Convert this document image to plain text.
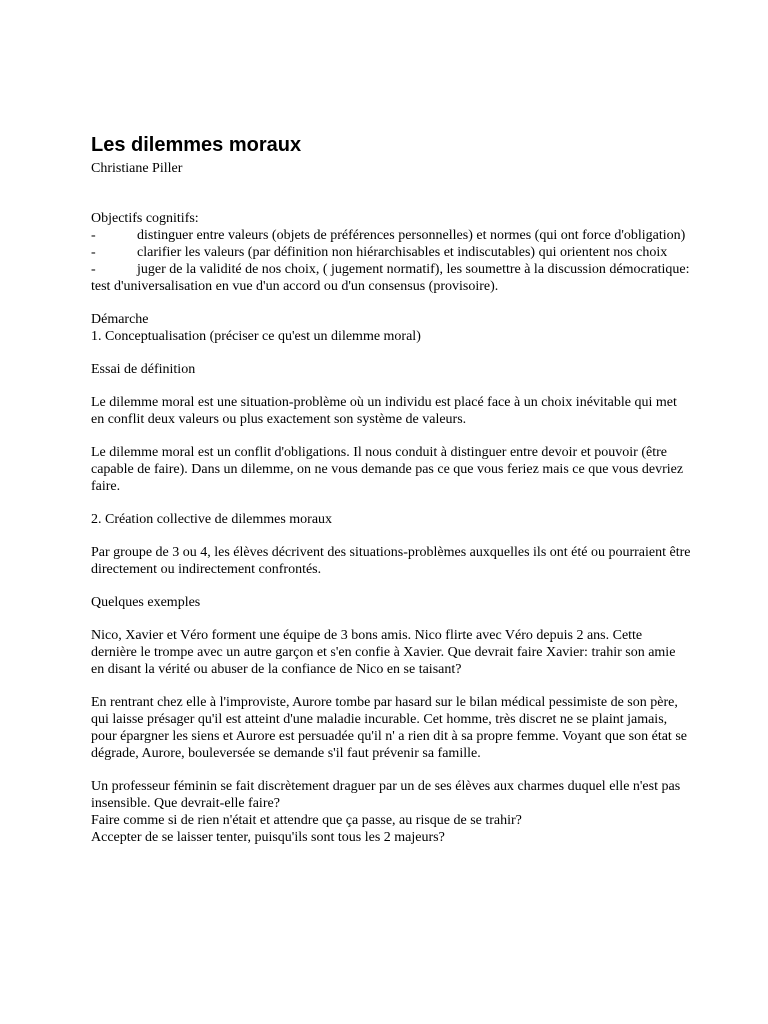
Les dilemmes moraux

Christiane Piller

Objectifs cognitifs:

-	distinguer entre valeurs (objets de préférences personnelles) et normes (qui ont force d'obligation)

-	clarifier les valeurs (par définition non hiérarchisables et indiscutables) qui orientent nos choix

-	juger de la validité de nos choix, ( jugement normatif), les soumettre à la discussion démocratique: test d'universalisation en vue d'un accord ou d'un consensus (provisoire).

Démarche

1. Conceptualisation (préciser ce qu'est un dilemme moral)

Essai de définition

Le dilemme moral est une situation-problème où un individu est placé face à un choix inévitable qui met en conflit deux valeurs ou plus exactement son système de valeurs.

Le dilemme moral est un conflit d'obligations. Il nous conduit à distinguer entre devoir et pouvoir (être capable de faire). Dans un dilemme, on ne vous demande pas ce que vous feriez mais ce que vous devriez faire.

2. Création collective de dilemmes moraux

Par groupe de 3 ou 4, les élèves décrivent des situations-problèmes auxquelles ils ont été ou pourraient être directement ou indirectement confrontés.

Quelques exemples

Nico, Xavier et Véro forment une équipe de 3 bons amis. Nico flirte avec Véro depuis 2 ans. Cette dernière le trompe avec un autre garçon et s'en confie à Xavier. Que devrait faire Xavier: trahir son amie en disant la vérité ou abuser de la confiance de Nico en se taisant?

En rentrant chez elle à l'improviste, Aurore tombe par hasard sur le bilan médical pessimiste de son père, qui laisse présager qu'il est atteint d'une maladie incurable. Cet homme, très discret ne se plaint jamais, pour épargner les siens et Aurore est persuadée qu'il n' a rien dit à sa propre femme. Voyant que son état se dégrade, Aurore, bouleversée se demande s'il faut prévenir sa famille.

Un professeur féminin se fait discrètement draguer par un de ses élèves aux charmes duquel elle n'est pas insensible. Que devrait-elle faire?

Faire comme si de rien n'était et attendre que ça passe, au risque de se trahir?

Accepter de se laisser tenter, puisqu'ils sont tous les 2 majeurs?
